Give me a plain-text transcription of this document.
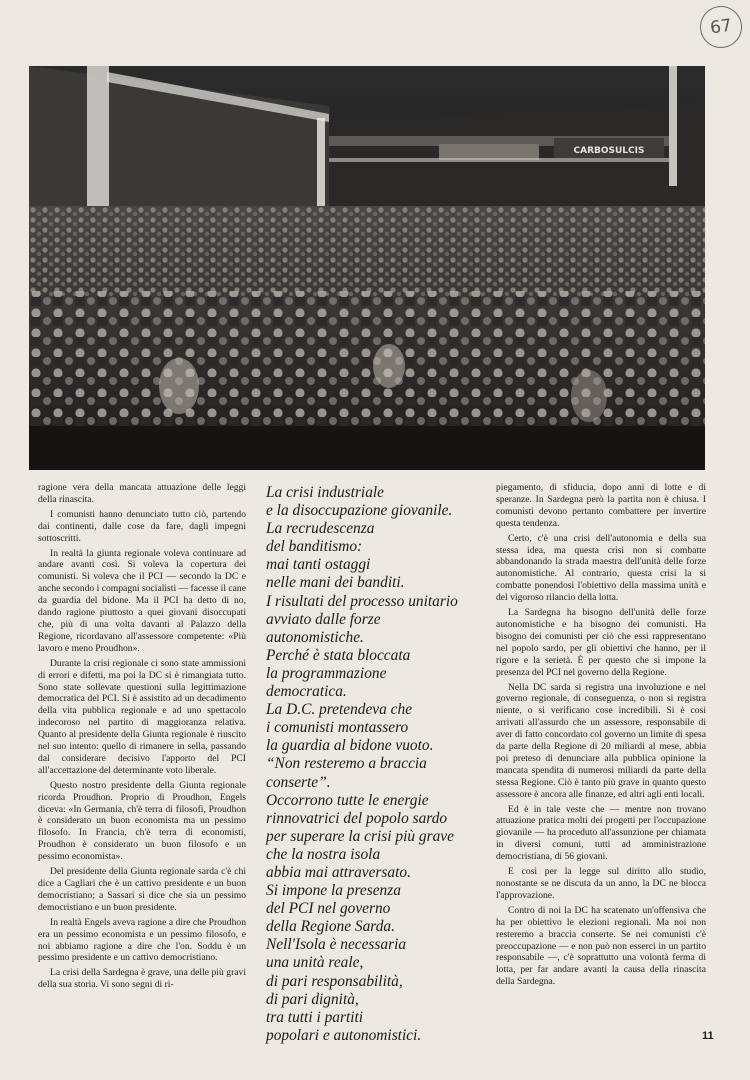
67
CARBOSULCIS

ragione vera della mancata attuazione delle leggi della rinascita.

I comunisti hanno denunciato tutto ciò, partendo dai continenti, dalle cose da fare, dagli impegni sottoscritti.

In realtà la giunta regionale voleva continuare ad andare avanti così. Si voleva la copertura dei comunisti. Si voleva che il PCI — secondo la DC e anche secondo i compagni socialisti — facesse il cane da guardia del bidone. Ma il PCI ha detto di no, dando ragione piuttosto a quei giovani disoccupati che, più di una volta davanti al Palazzo della Regione, ricordavano all'assessore competente: «Più lavoro e meno Proudhon».

Durante la crisi regionale ci sono state ammissioni di errori e difetti, ma poi la DC si è rimangiata tutto. Sono state sollevate questioni sulla legittimazione democratica del PCI. Si è assistito ad un decadimento della vita pubblica regionale e ad uno spettacolo indecoroso nel partito di maggioranza relativa. Quanto al presidente della Giunta regionale è riuscito nel suo intento: quello di rimanere in sella, passando dal considerare decisivo l'apporto del PCI all'accettazione del determinante voto liberale.

Questo nostro presidente della Giunta regionale ricorda Proudhon. Proprio di Proudhon, Engels diceva: «In Germania, ch'è terra di filosofi, Proudhon è considerato un buon economista ma un pessimo filosofo. In Francia, ch'è terra di economisti, Proudhon è considerato un buon filosofo e un pessimo economista».

Del presidente della Giunta regionale sarda c'è chi dice a Cagliari che è un cattivo presidente e un buon democristiano; a Sassari si dice che sia un pessimo democristiano e un buon presidente.

In realtà Engels aveva ragione a dire che Proudhon era un pessimo economista e un pessimo filosofo, e noi abbiamo ragione a dire che l'on. Soddu è un pessimo presidente e un cattivo democristiano.

La crisi della Sardegna è grave, una delle più gravi della sua storia. Vi sono segni di ri-

La crisi industriale
e la disoccupazione giovanile.
La recrudescenza
del banditismo:
mai tanti ostaggi
nelle mani dei banditi.
I risultati del processo unitario
avviato dalle forze
autonomistiche.
Perché è stata bloccata
la programmazione
democratica.
La D.C. pretendeva che
i comunisti montassero
la guardia al bidone vuoto.
“Non resteremo a braccia
conserte”.
Occorrono tutte le energie
rinnovatrici del popolo sardo
per superare la crisi più grave
che la nostra isola
abbia mai attraversato.
Si impone la presenza
del PCI nel governo
della Regione Sarda.
Nell'Isola è necessaria
una unità reale,
di pari responsabilità,
di pari dignità,
tra tutti i partiti
popolari e autonomistici.

piegamento, di sfiducia, dopo anni di lotte e di speranze. In Sardegna però la partita non è chiusa. I comunisti devono pertanto combattere per invertire questa tendenza.

Certo, c'è una crisi dell'autonomia e della sua stessa idea, ma questa crisi non si combatte abbandonando la strada maestra dell'unità delle forze autonomistiche. Al contrario, questa crisi la si combatte ponendosi l'obiettivo della massima unità e del vigoroso rilancio della lotta.

La Sardegna ha bisogno dell'unità delle forze autonomistiche e ha bisogno dei comunisti. Ha bisogno dei comunisti per ciò che essi rappresentano nel popolo sardo, per gli obiettivi che hanno, per il rigore e la serietà. È per questo che si impone la presenza del PCI nel governo della Regione.

Nella DC sarda si registra una involuzione e nel governo regionale, di conseguenza, o non si registra niente, o si verificano cose incredibili. Si è così arrivati all'assurdo che un assessore, responsabile di aver di fatto concordato col governo un limite di spesa da parte della Regione di 20 miliardi al mese, abbia poi preteso di denunciare alla pubblica opinione la mancata spendita di numerosi miliardi da parte della stessa Regione. Ciò è tanto più grave in quanto questo assessore è ancora alle finanze, ed altri agli enti locali.

Ed è in tale veste che — mentre non trovano attuazione pratica molti dei progetti per l'occupazione giovanile — ha proceduto all'assunzione per chiamata in diversi comuni, tutti ad amministrazione democristiana, di 56 giovani.

E così per la legge sul diritto allo studio, nonostante se ne discuta da un anno, la DC ne blocca l'approvazione.

Contro di noi la DC ha scatenato un'offensiva che ha per obiettivo le elezioni regionali. Ma noi non resteremo a braccia conserte. Se nei comunisti c'è preoccupazione — e non può non esserci in un partito responsabile —, c'è soprattutto una volontà ferma di lotta, per far andare avanti la causa della rinascita della Sardegna.

11
